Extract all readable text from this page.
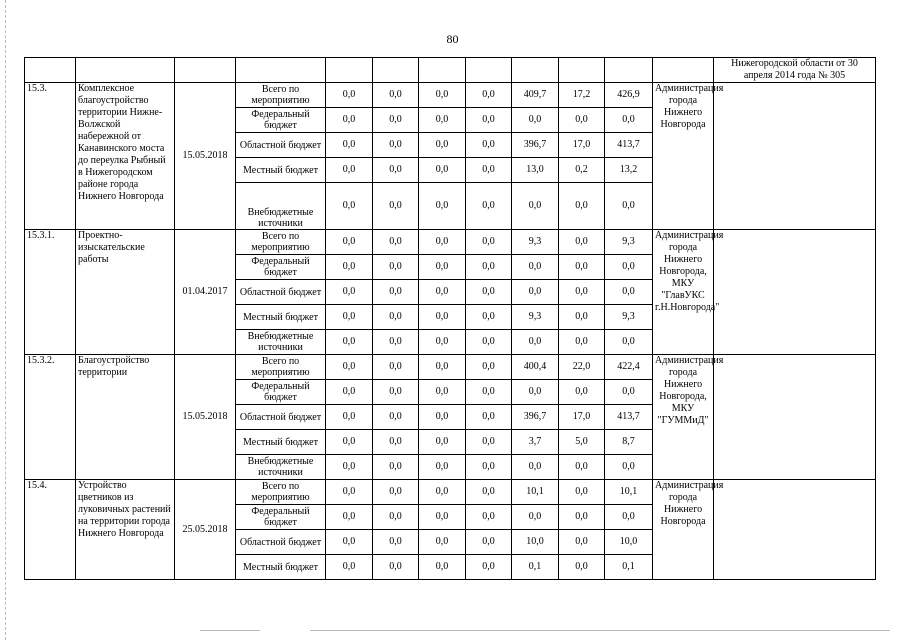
80
												Нижегородской области от 30 апреля 2014 года № 305
15.3.	Комплексное благоустройство территории Нижне-Волжской набережной от Канавинского моста до переулка Рыбный в Нижегородском районе города Нижнего Новгорода	15.05.2018	Всего по мероприятию	0,0	0,0	0,0	0,0	409,7	17,2	426,9	Администрация города Нижнего Новгорода	
			Федеральный бюджет	0,0	0,0	0,0	0,0	0,0	0,0	0,0		
			Областной бюджет	0,0	0,0	0,0	0,0	396,7	17,0	413,7		
			Местный бюджет	0,0	0,0	0,0	0,0	13,0	0,2	13,2		
			Внебюджетные источники	0,0	0,0	0,0	0,0	0,0	0,0	0,0		
15.3.1.	Проектно-изыскательские работы	01.04.2017	Всего по мероприятию	0,0	0,0	0,0	0,0	9,3	0,0	9,3	Администрация города Нижнего Новгорода, МКУ "ГлавУКС г.Н.Новгорода"	
			Федеральный бюджет	0,0	0,0	0,0	0,0	0,0	0,0	0,0		
			Областной бюджет	0,0	0,0	0,0	0,0	0,0	0,0	0,0		
			Местный бюджет	0,0	0,0	0,0	0,0	9,3	0,0	9,3		
			Внебюджетные источники	0,0	0,0	0,0	0,0	0,0	0,0	0,0		
15.3.2.	Благоустройство территории	15.05.2018	Всего по мероприятию	0,0	0,0	0,0	0,0	400,4	22,0	422,4	Администрация города Нижнего Новгорода, МКУ "ГУММиД"	
			Федеральный бюджет	0,0	0,0	0,0	0,0	0,0	0,0	0,0		
			Областной бюджет	0,0	0,0	0,0	0,0	396,7	17,0	413,7		
			Местный бюджет	0,0	0,0	0,0	0,0	3,7	5,0	8,7		
			Внебюджетные источники	0,0	0,0	0,0	0,0	0,0	0,0	0,0		
15.4.	Устройство цветников из луковичных растений на территории города Нижнего Новгорода	25.05.2018	Всего по мероприятию	0,0	0,0	0,0	0,0	10,1	0,0	10,1	Администрация города Нижнего Новгорода	
			Федеральный бюджет	0,0	0,0	0,0	0,0	0,0	0,0	0,0		
			Областной бюджет	0,0	0,0	0,0	0,0	10,0	0,0	10,0		
			Местный бюджет	0,0	0,0	0,0	0,0	0,1	0,0	0,1		
